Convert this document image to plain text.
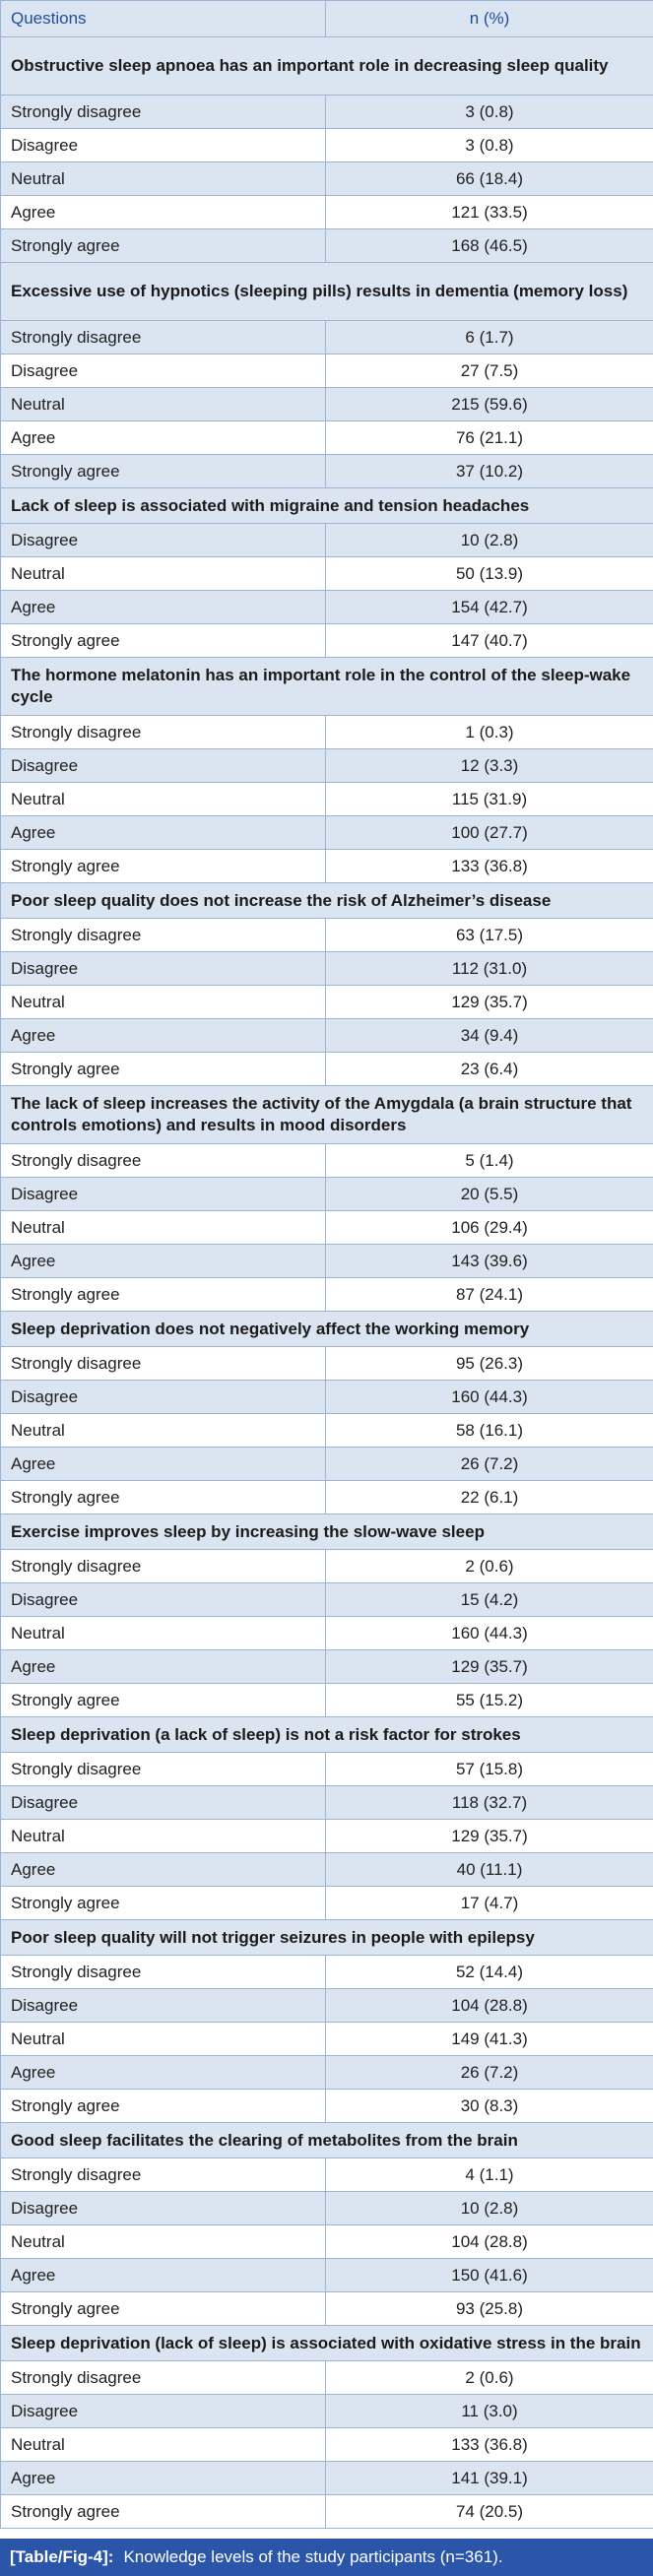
Questions	n (%)
Obstructive sleep apnoea has an important role in decreasing sleep quality	
Strongly disagree	3 (0.8)
Disagree	3 (0.8)
Neutral	66 (18.4)
Agree	121 (33.5)
Strongly agree	168 (46.5)
Excessive use of hypnotics (sleeping pills) results in dementia (memory loss)	
Strongly disagree	6 (1.7)
Disagree	27 (7.5)
Neutral	215 (59.6)
Agree	76 (21.1)
Strongly agree	37 (10.2)
Lack of sleep is associated with migraine and tension headaches	
Disagree	10 (2.8)
Neutral	50 (13.9)
Agree	154 (42.7)
Strongly agree	147 (40.7)
The hormone melatonin has an important role in the control of the sleep-wake cycle	
Strongly disagree	1 (0.3)
Disagree	12 (3.3)
Neutral	115 (31.9)
Agree	100 (27.7)
Strongly agree	133 (36.8)
Poor sleep quality does not increase the risk of Alzheimer’s disease	
Strongly disagree	63 (17.5)
Disagree	112 (31.0)
Neutral	129 (35.7)
Agree	34 (9.4)
Strongly agree	23 (6.4)
The lack of sleep increases the activity of the Amygdala (a brain structure that controls emotions) and results in mood disorders	
Strongly disagree	5 (1.4)
Disagree	20 (5.5)
Neutral	106 (29.4)
Agree	143 (39.6)
Strongly agree	87 (24.1)
Sleep deprivation does not negatively affect the working memory	
Strongly disagree	95 (26.3)
Disagree	160 (44.3)
Neutral	58 (16.1)
Agree	26 (7.2)
Strongly agree	22 (6.1)
Exercise improves sleep by increasing the slow-wave sleep	
Strongly disagree	2 (0.6)
Disagree	15 (4.2)
Neutral	160 (44.3)
Agree	129 (35.7)
Strongly agree	55 (15.2)
Sleep deprivation (a lack of sleep) is not a risk factor for strokes	
Strongly disagree	57 (15.8)
Disagree	118 (32.7)
Neutral	129 (35.7)
Agree	40 (11.1)
Strongly agree	17 (4.7)
Poor sleep quality will not trigger seizures in people with epilepsy	
Strongly disagree	52 (14.4)
Disagree	104 (28.8)
Neutral	149 (41.3)
Agree	26 (7.2)
Strongly agree	30 (8.3)
Good sleep facilitates the clearing of metabolites from the brain	
Strongly disagree	4 (1.1)
Disagree	10 (2.8)
Neutral	104 (28.8)
Agree	150 (41.6)
Strongly agree	93 (25.8)
Sleep deprivation (lack of sleep) is associated with oxidative stress in the brain	
Strongly disagree	2 (0.6)
Disagree	11 (3.0)
Neutral	133 (36.8)
Agree	141 (39.1)
Strongly agree	74 (20.5)
[Table/Fig-4]: Knowledge levels of the study participants (n=361).
